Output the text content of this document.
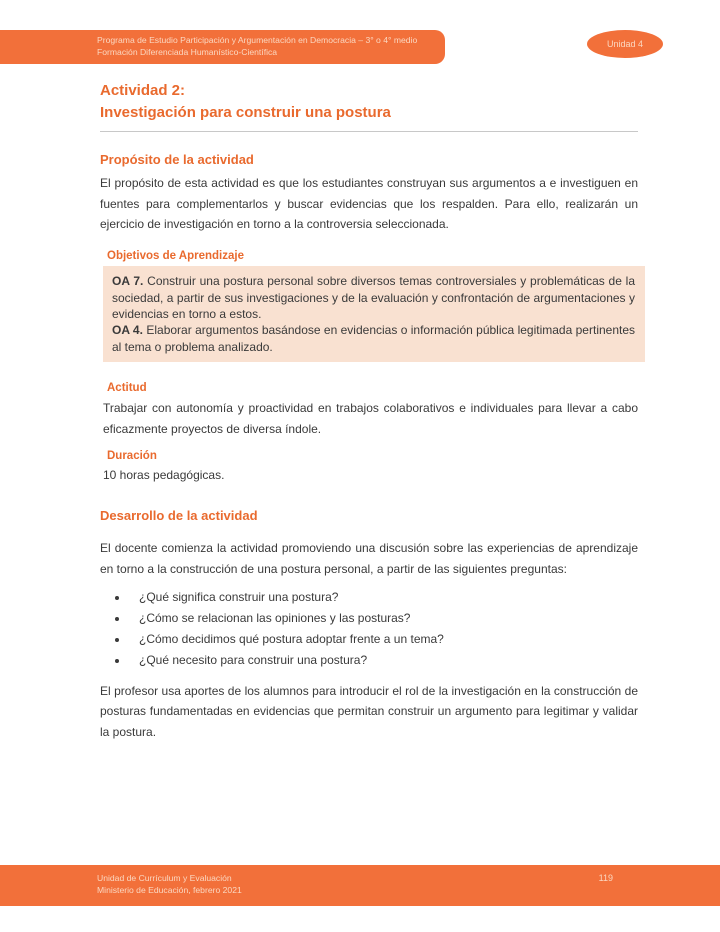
Programa de Estudio Participación y Argumentación en Democracia – 3° o 4° medio
Formación Diferenciada Humanístico-Científica
Unidad 4
Actividad 2:
Investigación para construir una postura
Propósito de la actividad

El propósito de esta actividad es que los estudiantes construyan sus argumentos a e investiguen en fuentes para complementarlos y buscar evidencias que los respalden. Para ello, realizarán un ejercicio de investigación en torno a la controversia seleccionada.

Objetivos de Aprendizaje

OA 7. Construir una postura personal sobre diversos temas controversiales y problemáticas de la sociedad, a partir de sus investigaciones y de la evaluación y confrontación de argumentaciones y evidencias en torno a estos.

OA 4. Elaborar argumentos basándose en evidencias o información pública legitimada pertinentes al tema o problema analizado.

Actitud

Trabajar con autonomía y proactividad en trabajos colaborativos e individuales para llevar a cabo eficazmente proyectos de diversa índole.

Duración

10 horas pedagógicas.

Desarrollo de la actividad

El docente comienza la actividad promoviendo una discusión sobre las experiencias de aprendizaje en torno a la construcción de una postura personal, a partir de las siguientes preguntas:

• ¿Qué significa construir una postura?
• ¿Cómo se relacionan las opiniones y las posturas?
• ¿Cómo decidimos qué postura adoptar frente a un tema?
• ¿Qué necesito para construir una postura?

El profesor usa aportes de los alumnos para introducir el rol de la investigación en la construcción de posturas fundamentadas en evidencias que permitan construir un argumento para legitimar y validar la postura.

Unidad de Currículum y Evaluación
Ministerio de Educación, febrero 2021
119
